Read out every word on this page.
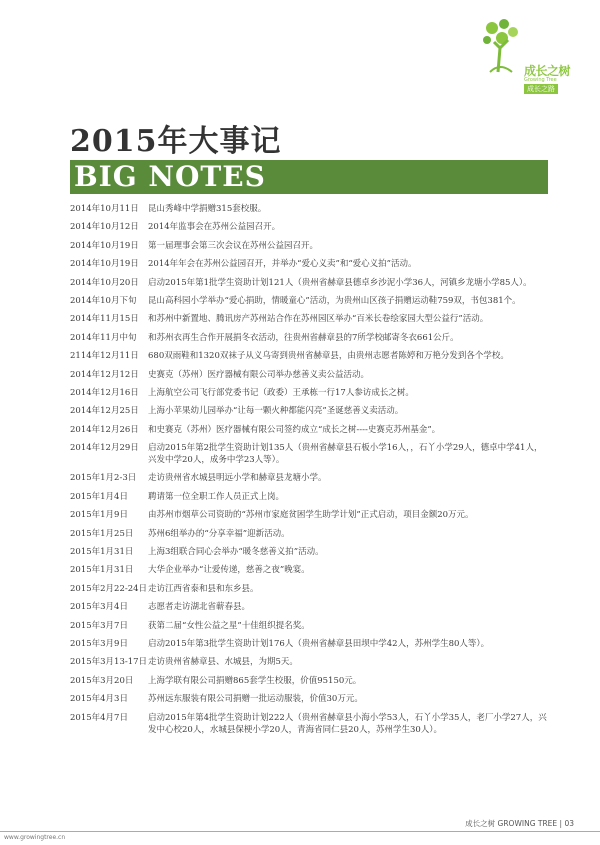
成长之树
Growing Tree
成长之路
2015年大事记
BIG NOTES
2014年10月11日	昆山秀峰中学捐赠315套校服。
2014年10月12日	2014年监事会在苏州公益园召开。
2014年10月19日	第一届理事会第三次会议在苏州公益园召开。
2014年10月19日	2014年年会在苏州公益园召开，并举办“爱心义卖”和“爱心义拍”活动。
2014年10月20日	启动2015年第1批学生资助计划121人（贵州省赫章县德卓乡沙泥小学36人，河镇乡龙塘小学85人）。
2014年10月下旬	昆山高科园小学举办“爱心捐助，情暖童心”活动，为贵州山区孩子捐赠运动鞋759双，书包381个。
2014年11月15日	和苏州中新置地、腾讯房产苏州站合作在苏州园区举办“百米长卷绘家园大型公益行”活动。
2014年11月中旬	和苏州衣再生合作开展捐冬衣活动，往贵州省赫章县的7所学校邮寄冬衣661公斤。
2114年12月11日	680双雨鞋和1320双袜子从义乌寄到贵州省赫章县，由贵州志愿者陈婷和万艳分发到各个学校。
2014年12月12日	史赛克（苏州）医疗器械有限公司举办慈善义卖公益活动。
2014年12月16日	上海航空公司飞行部党委书记（政委）王承栋一行17人参访成长之树。
2014年12月25日	上海小苹果幼儿园举办“让每一颗火种都能闪亮”圣诞慈善义卖活动。
2014年12月26日	和史赛克（苏州）医疗器械有限公司签约成立“成长之树----史赛克苏州基金”。
2014年12月29日	启动2015年第2批学生资助计划135人（贵州省赫章县石板小学16人，，石丫小学29人，德卓中学41人，兴发中学20人，成务中学23人等）。
2015年1月2-3日	走访贵州省水城县明远小学和赫章县龙塘小学。
2015年1月4日	聘请第一位全职工作人员正式上岗。
2015年1月9日	由苏州市烟草公司资助的“苏州市家庭贫困学生助学计划”正式启动，项目金额20万元。
2015年1月25日	苏州6组举办的“分享幸福”迎新活动。
2015年1月31日	上海3组联合同心会举办“暖冬慈善义拍”活动。
2015年1月31日	大华企业举办“让爱传递，慈善之夜”晚宴。
2015年2月22-24日 走访江西省泰和县和东乡县。
2015年3月4日	志愿者走访湖北省蕲春县。
2015年3月7日	获第二届“女性公益之星”十佳组织提名奖。
2015年3月9日	启动2015年第3批学生资助计划176人（贵州省赫章县田坝中学42人，苏州学生80人等）。
2015年3月13-17日 走访贵州省赫章县、水城县，为期5天。
2015年3月20日	上海学联有限公司捐赠865套学生校服，价值95150元。
2015年4月3日	苏州远东服装有限公司捐赠一批运动服装，价值30万元。
2015年4月7日	启动2015年第4批学生资助计划222人（贵州省赫章县小海小学53人，石丫小学35人，老厂小学27人，兴发中心校20人，水城县保梗小学20人，青海省同仁县20人，苏州学生30人）。
成长之树 GROWING TREE | 03
www.growingtree.cn
